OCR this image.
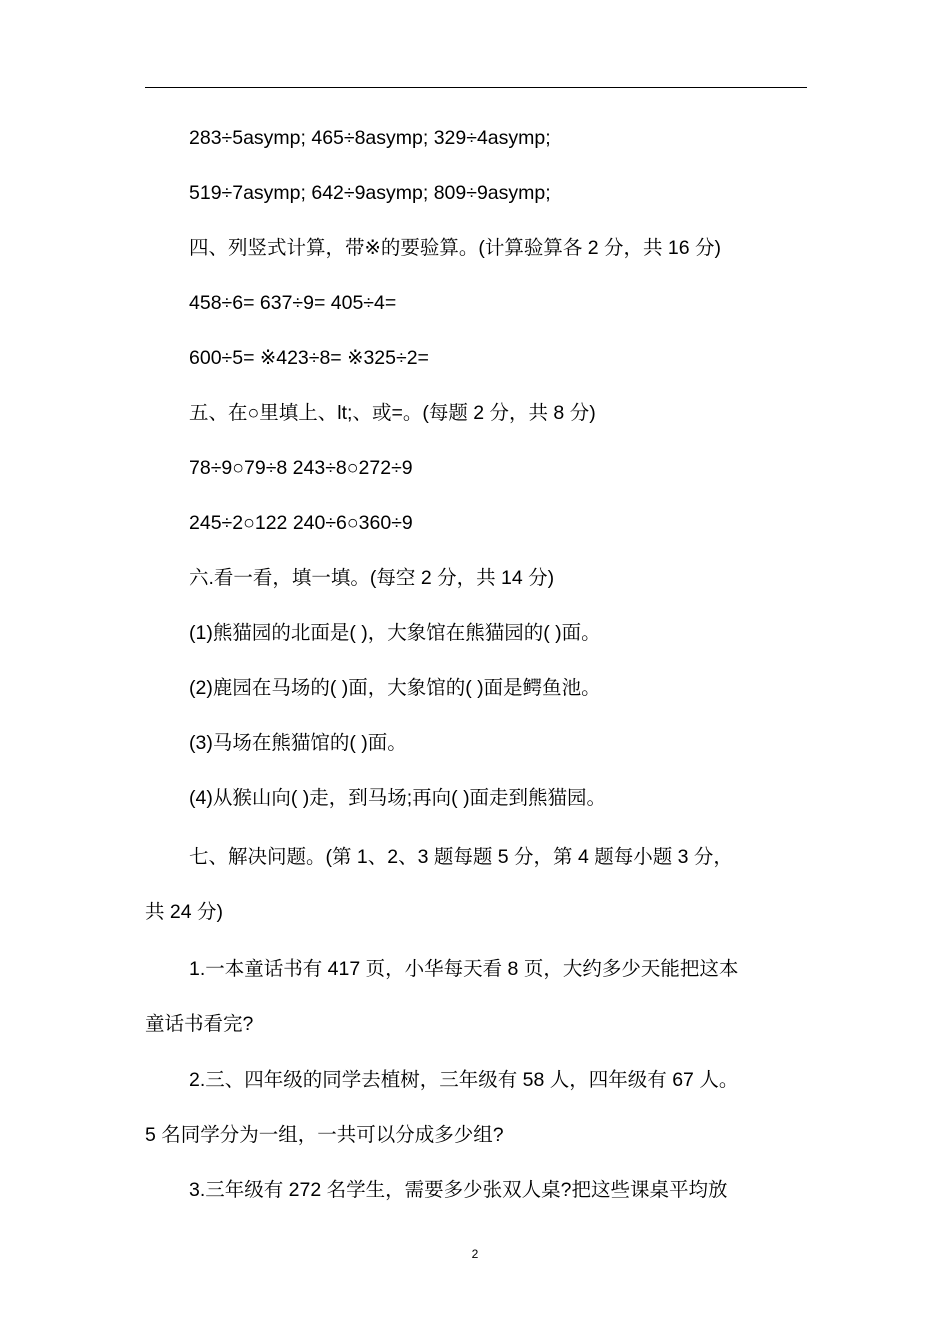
283÷5asymp; 465÷8asymp; 329÷4asymp;
519÷7asymp; 642÷9asymp; 809÷9asymp;
四、列竖式计算，带※的要验算。(计算验算各 2 分，共 16 分)
458÷6= 637÷9= 405÷4=
600÷5= ※423÷8= ※325÷2=
五、在○里填上、lt;、或=。(每题 2 分，共 8 分)
78÷9○79÷8 243÷8○272÷9
245÷2○122 240÷6○360÷9
六.看一看，填一填。(每空 2 分，共 14 分)
(1)熊猫园的北面是( )，大象馆在熊猫园的( )面。
(2)鹿园在马场的( )面，大象馆的( )面是鳄鱼池。
(3)马场在熊猫馆的( )面。
(4)从猴山向( )走，到马场;再向( )面走到熊猫园。
七、解决问题。(第 1、2、3 题每题 5 分，第 4 题每小题 3 分，
共 24 分)
1.一本童话书有 417 页，小华每天看 8 页，大约多少天能把这本
童话书看完?
2.三、四年级的同学去植树，三年级有 58 人，四年级有 67 人。
5 名同学分为一组，一共可以分成多少组?
3.三年级有 272 名学生，需要多少张双人桌?把这些课桌平均放
2
